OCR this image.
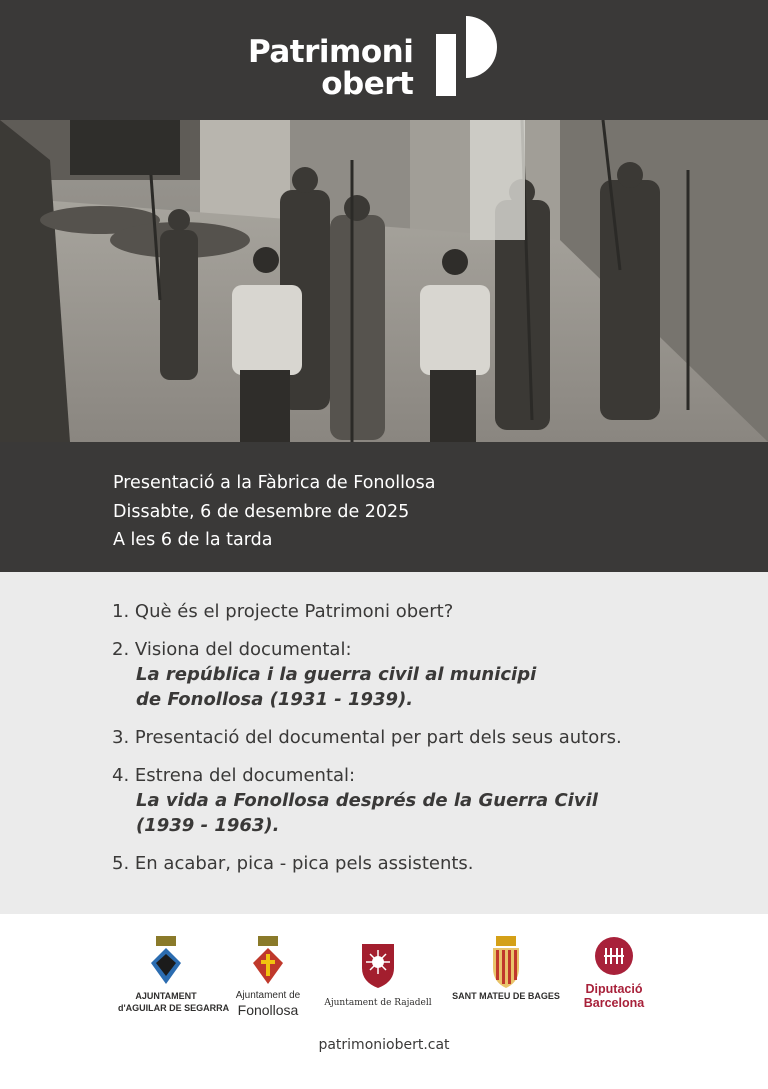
Patrimoni
obert
Presentació a la Fàbrica de Fonollosa
Dissabte, 6 de desembre de 2025
A les 6 de la tarda
1. Què és el projecte Patrimoni obert?
2. Visiona del documental:
La república i la guerra civil al municipi
de Fonollosa (1931 - 1939).
3. Presentació del documental per part dels seus autors.
4. Estrena del documental:
La vida a Fonollosa després de la Guerra Civil
(1939 - 1963).
5. En acabar, pica - pica pels assistents.
AJUNTAMENT
d'AGUILAR DE SEGARRA
Ajuntament de
Fonollosa	Ajuntament de Rajadell
SANT MATEU DE BAGES	Diputació
Barcelona
patrimoniobert.cat
